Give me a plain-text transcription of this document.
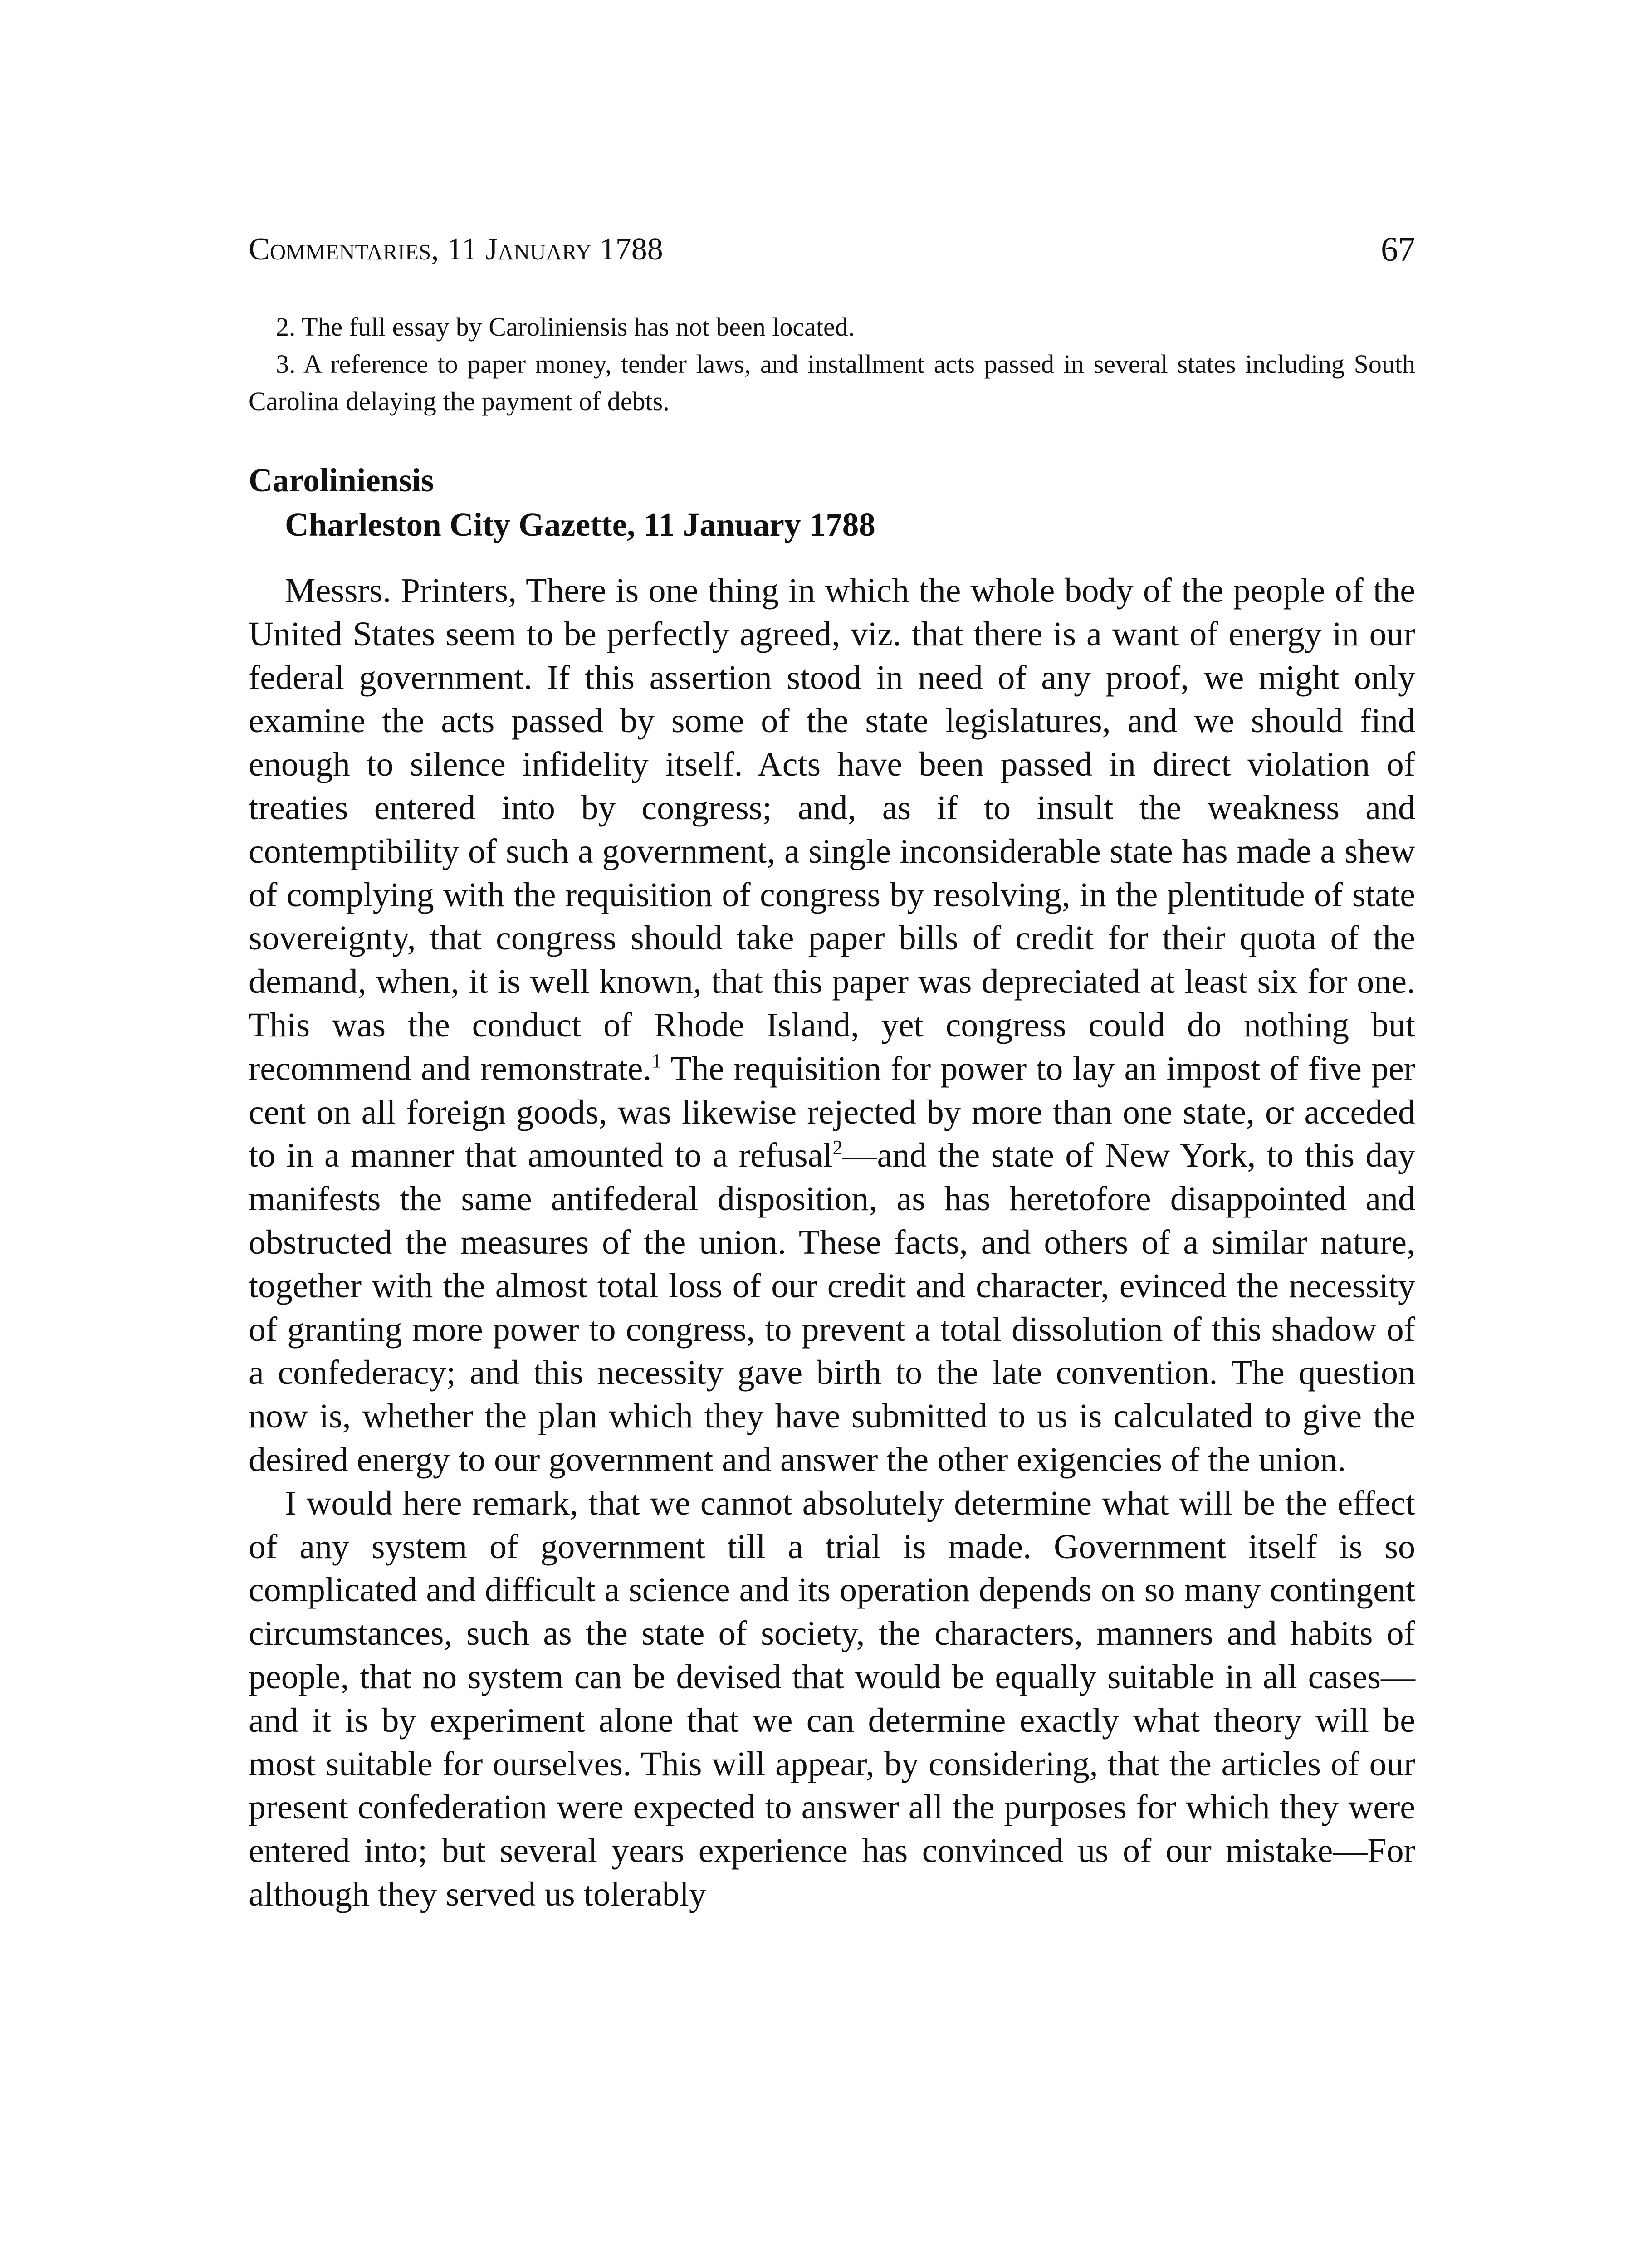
Commentaries, 11 January 1788	67

2. The full essay by Caroliniensis has not been located.

3. A reference to paper money, tender laws, and installment acts passed in several states including South Carolina delaying the payment of debts.

Caroliniensis
Charleston City Gazette, 11 January 1788

Messrs. Printers, There is one thing in which the whole body of the people of the United States seem to be perfectly agreed, viz. that there is a want of energy in our federal government. If this assertion stood in need of any proof, we might only examine the acts passed by some of the state legislatures, and we should find enough to silence infidelity itself. Acts have been passed in direct violation of treaties entered into by congress; and, as if to insult the weakness and contemptibility of such a government, a single inconsiderable state has made a shew of complying with the requisition of congress by resolving, in the plentitude of state sovereignty, that congress should take paper bills of credit for their quota of the demand, when, it is well known, that this paper was depreciated at least six for one. This was the conduct of Rhode Island, yet congress could do nothing but recommend and remonstrate.$^1$ The requisition for power to lay an impost of five per cent on all foreign goods, was likewise rejected by more than one state, or acceded to in a manner that amounted to a refusal$^2$—and the state of New York, to this day manifests the same antifederal disposition, as has heretofore disappointed and obstructed the measures of the union. These facts, and others of a similar nature, together with the almost total loss of our credit and character, evinced the necessity of granting more power to congress, to prevent a total dissolution of this shadow of a confederacy; and this necessity gave birth to the late convention. The question now is, whether the plan which they have submitted to us is calculated to give the desired energy to our government and answer the other exigencies of the union.

I would here remark, that we cannot absolutely determine what will be the effect of any system of government till a trial is made. Government itself is so complicated and difficult a science and its operation depends on so many contingent circumstances, such as the state of society, the characters, manners and habits of people, that no system can be devised that would be equally suitable in all cases—and it is by experiment alone that we can determine exactly what theory will be most suitable for ourselves. This will appear, by considering, that the articles of our present confederation were expected to answer all the purposes for which they were entered into; but several years experience has convinced us of our mistake—For although they served us tolerably
